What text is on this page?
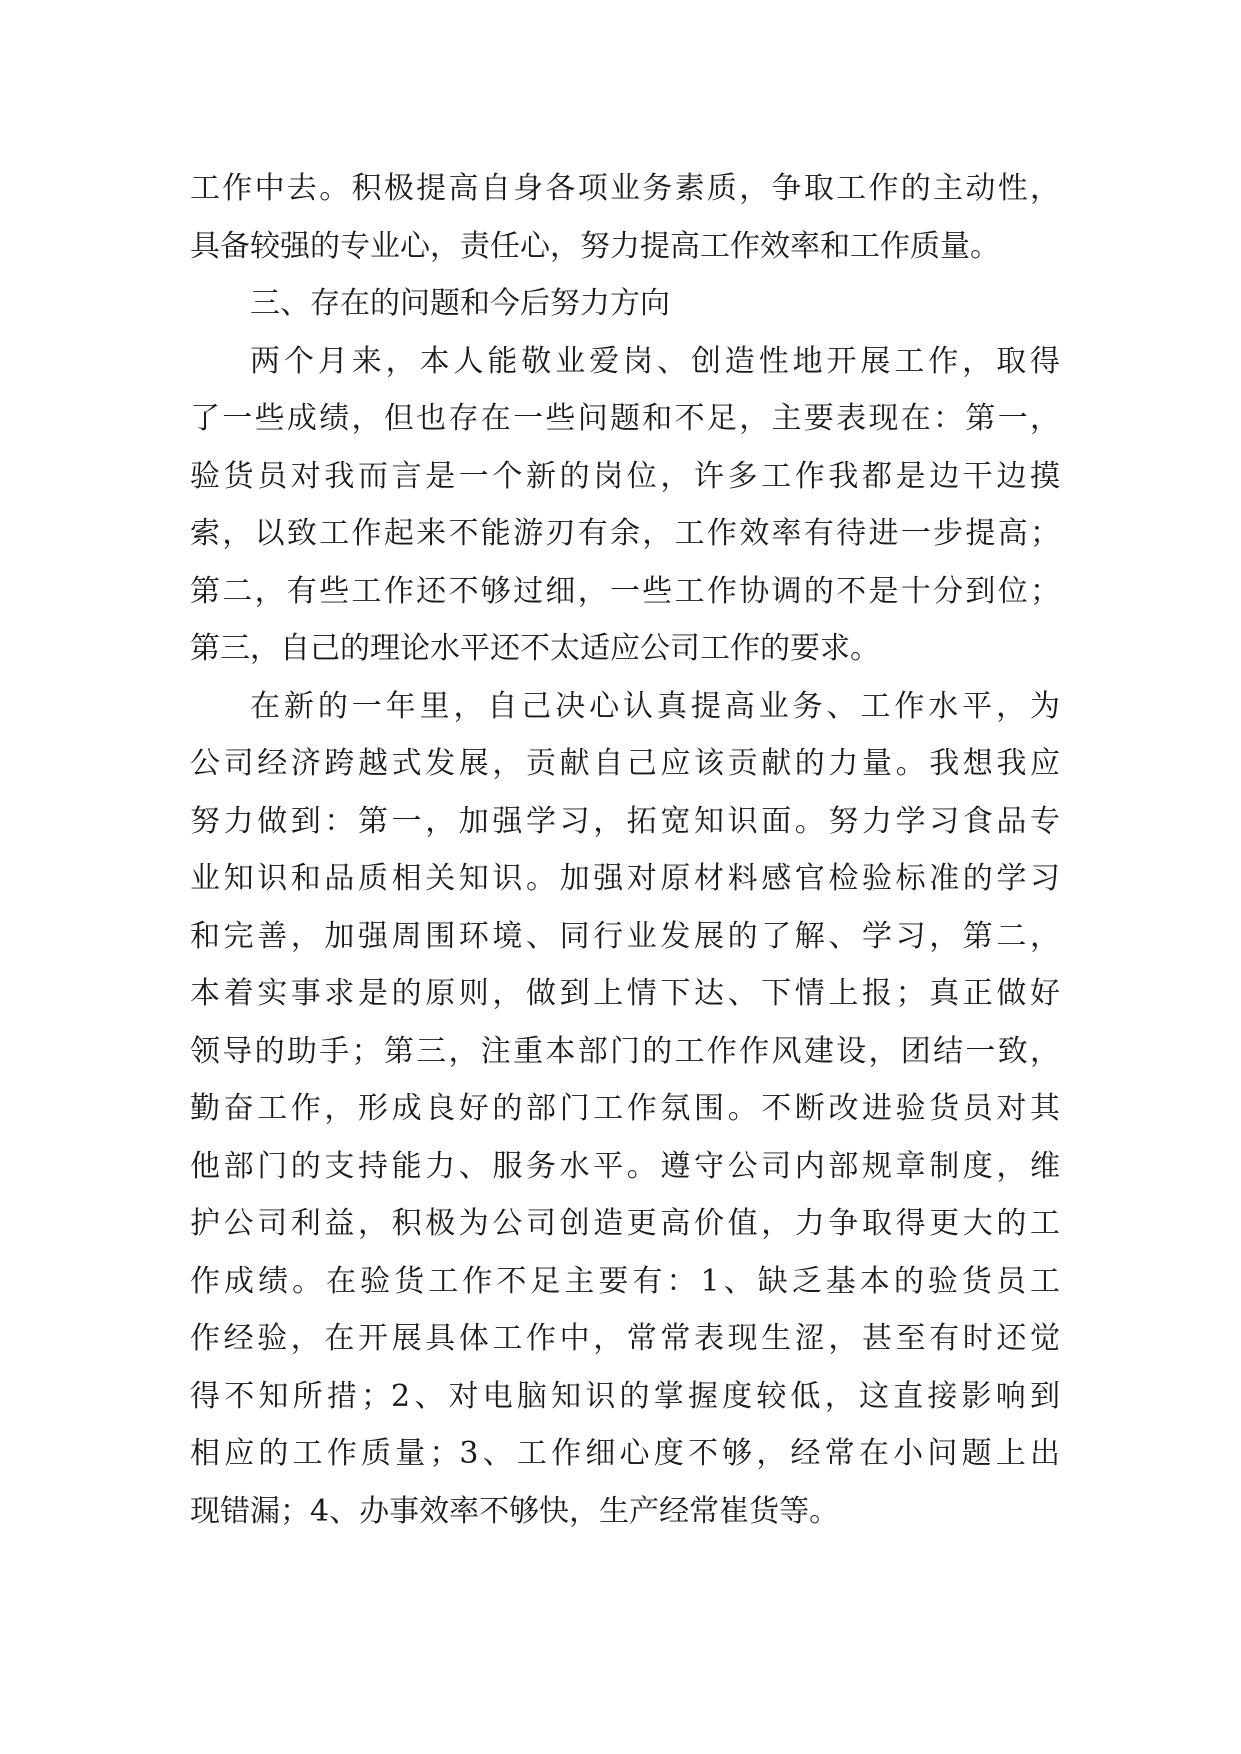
工作中去。积极提高自身各项业务素质，争取工作的主动性，
具备较强的专业心，责任心，努力提高工作效率和工作质量。
三、存在的问题和今后努力方向
两个月来，本人能敬业爱岗、创造性地开展工作，取得
了一些成绩，但也存在一些问题和不足，主要表现在：第一，
验货员对我而言是一个新的岗位，许多工作我都是边干边摸
索，以致工作起来不能游刃有余，工作效率有待进一步提高；
第二，有些工作还不够过细，一些工作协调的不是十分到位；
第三，自己的理论水平还不太适应公司工作的要求。
在新的一年里，自己决心认真提高业务、工作水平，为
公司经济跨越式发展，贡献自己应该贡献的力量。我想我应
努力做到：第一，加强学习，拓宽知识面。努力学习食品专
业知识和品质相关知识。加强对原材料感官检验标准的学习
和完善，加强周围环境、同行业发展的了解、学习，第二，
本着实事求是的原则，做到上情下达、下情上报；真正做好
领导的助手；第三，注重本部门的工作作风建设，团结一致，
勤奋工作，形成良好的部门工作氛围。不断改进验货员对其
他部门的支持能力、服务水平。遵守公司内部规章制度，维
护公司利益，积极为公司创造更高价值，力争取得更大的工
作成绩。在验货工作不足主要有：1、缺乏基本的验货员工
作经验，在开展具体工作中，常常表现生涩，甚至有时还觉
得不知所措；2、对电脑知识的掌握度较低，这直接影响到
相应的工作质量；3、工作细心度不够，经常在小问题上出
现错漏；4、办事效率不够快，生产经常崔货等。
